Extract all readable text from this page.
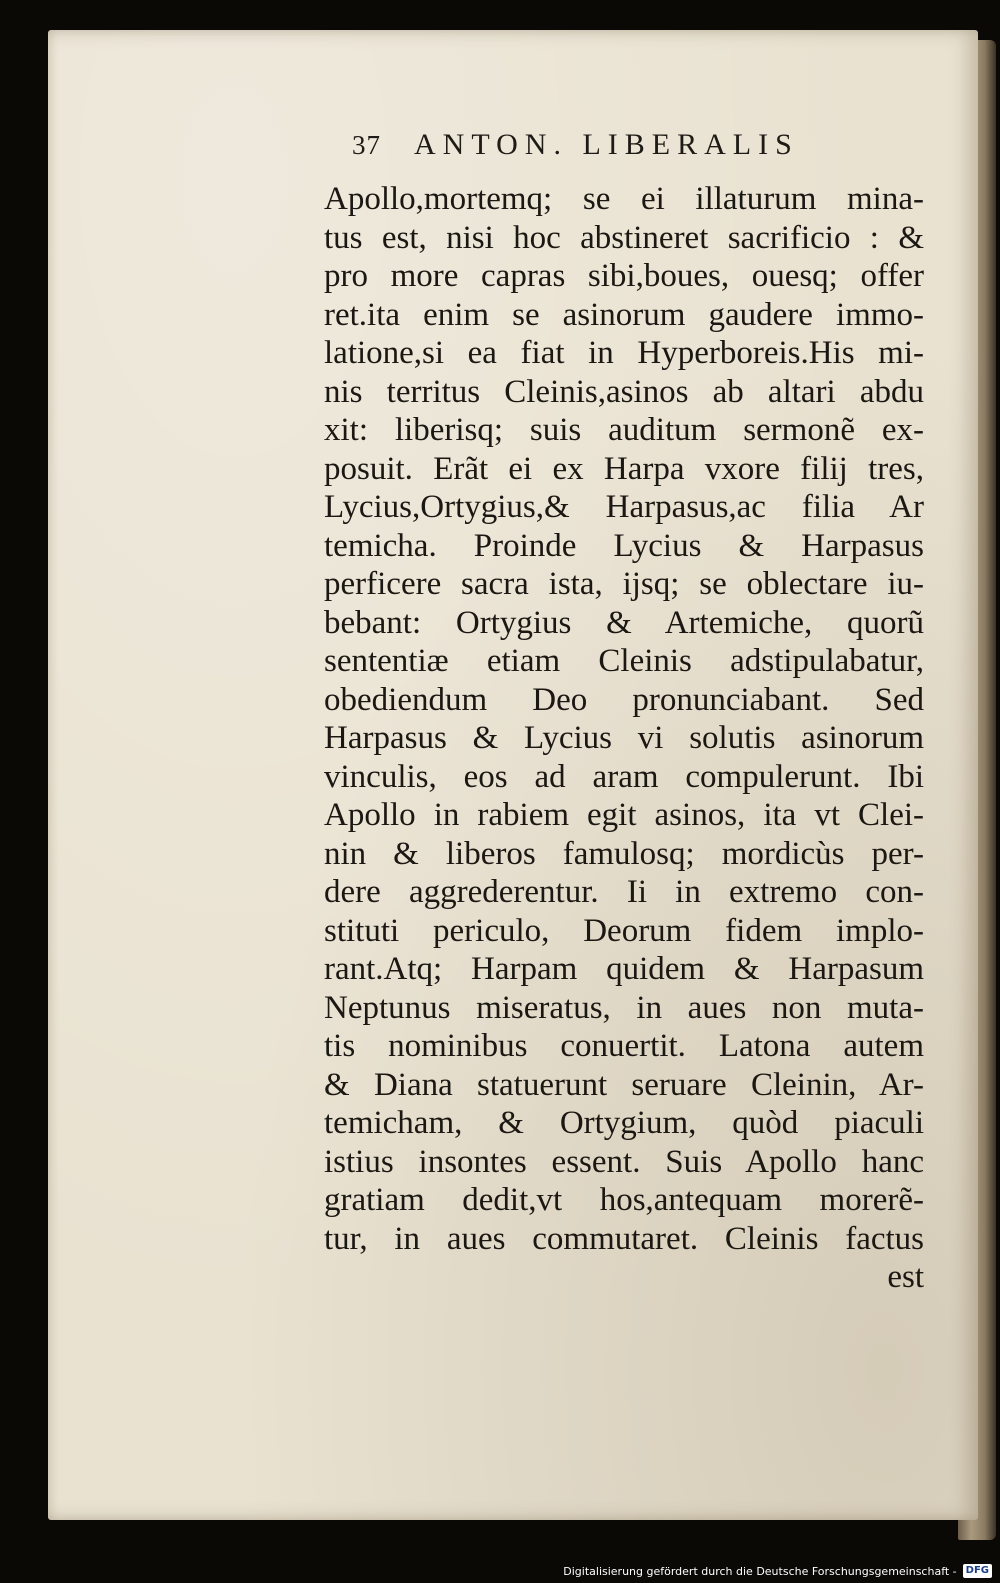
37	ANTON. LIBERALIS
Apollo,mortemq; se ei illaturum mina-
tus est, nisi hoc abstineret sacrificio : &
pro more capras sibi,boues, ouesq; offer
ret.ita enim se asinorum gaudere immo-
latione,si ea fiat in Hyperboreis.His mi-
nis territus Cleinis,asinos ab altari abdu
xit: liberisq; suis auditum sermonẽ ex-
posuit. Erãt ei ex Harpa vxore filij tres,
Lycius,Ortygius,& Harpasus,ac filia Ar
temicha. Proinde Lycius & Harpasus
perficere sacra ista, ijsq; se oblectare iu-
bebant: Ortygius & Artemiche, quorũ
sententiæ etiam Cleinis adstipulabatur,
obediendum Deo pronunciabant. Sed
Harpasus & Lycius vi solutis asinorum
vinculis, eos ad aram compulerunt. Ibi
Apollo in rabiem egit asinos, ita vt Clei-
nin & liberos famulosq; mordicùs per-
dere aggrederentur. Ii in extremo con-
stituti periculo, Deorum fidem implo-
rant.Atq; Harpam quidem & Harpasum
Neptunus miseratus, in aues non muta-
tis nominibus conuertit. Latona autem
& Diana statuerunt seruare Cleinin, Ar-
temicham, & Ortygium, quòd piaculi
istius insontes essent. Suis Apollo hanc
gratiam dedit,vt hos,antequam morerẽ-
tur, in aues commutaret. Cleinis factus
est
Digitalisierung gefördert durch die Deutsche Forschungsgemeinschaft - DFG
